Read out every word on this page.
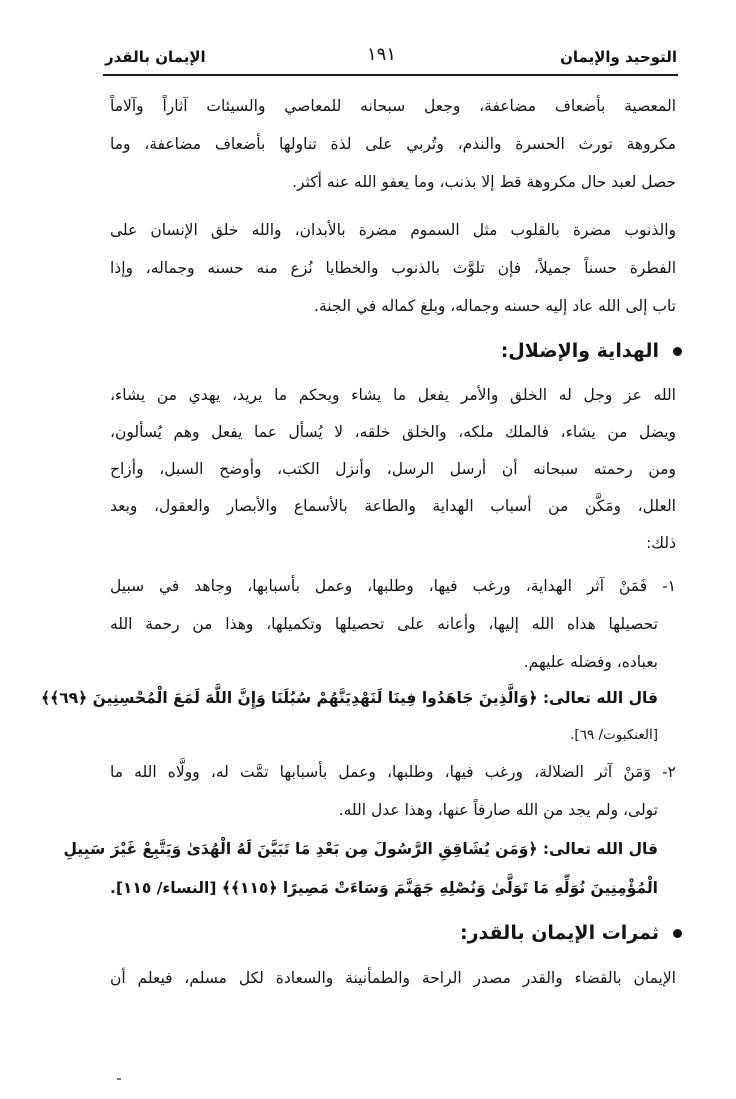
التوحيد والإيمان
١٩١
الإيمان بالقدر
المعصية بأضعاف مضاعفة، وجعل سبحانه للمعاصي والسيئات آثاراً وآلاماً
مكروهة تورث الحسرة والندم، وتُربي على لذة تناولها بأضعاف مضاعفة، وما
حصل لعبد حال مكروهة قط إلا بذنب، وما يعفو الله عنه أكثر.
والذنوب مضرة بالقلوب مثل السموم مضرة بالأبدان، والله خلق الإنسان على
الفطرة حسناً جميلاً، فإن تلوَّث بالذنوب والخطايا نُزع منه حسنه وجماله، وإذا
تاب إلى الله عاد إليه حسنه وجماله، وبلغ كماله في الجنة.
الهداية والإضلال:
الله عز وجل له الخلق والأمر يفعل ما يشاء ويحكم ما يريد، يهدي من يشاء،
ويضل من يشاء، فالملك ملكه، والخلق خلقه، لا يُسأل عما يفعل وهم يُسألون،
ومن رحمته سبحانه أن أرسل الرسل، وأنزل الكتب، وأوضح السبل، وأزاح
العلل، ومَكَّن من أسباب الهداية والطاعة بالأسماع والأبصار والعقول، وبعد
ذلك:
١- فَمَنْ آثر الهداية، ورغب فيها، وطلبها، وعمل بأسبابها، وجاهد في سبيل
تحصيلها هداه الله إليها، وأعانه على تحصيلها وتكميلها، وهذا من رحمة الله
بعباده، وفضله عليهم.
قال الله تعالى: ﴿وَالَّذِينَ جَاهَدُوا فِينَا لَنَهْدِيَنَّهُمْ سُبُلَنَا وَإِنَّ اللَّهَ لَمَعَ الْمُحْسِنِينَ ﴿٦٩﴾﴾
[العنكبوت/ ٦٩].
٢- وَمَنْ آثر الضلالة، ورغب فيها، وطلبها، وعمل بأسبابها تمَّت له، وولَّاه الله ما
تولى، ولم يجد من الله صارفاً عنها، وهذا عدل الله.
قال الله تعالى: ﴿وَمَن يُشَاقِقِ الرَّسُولَ مِن بَعْدِ مَا تَبَيَّنَ لَهُ الْهُدَىٰ وَيَتَّبِعْ غَيْرَ سَبِيلِ
الْمُؤْمِنِينَ نُوَلِّهِ مَا تَوَلَّىٰ وَنُصْلِهِ جَهَنَّمَ وَسَاءَتْ مَصِيرًا ﴿١١٥﴾﴾ [النساء/ ١١٥].
ثمرات الإيمان بالقدر:
الإيمان بالقضاء والقدر مصدر الراحة والطمأنينة والسعادة لكل مسلم، فيعلم أن
